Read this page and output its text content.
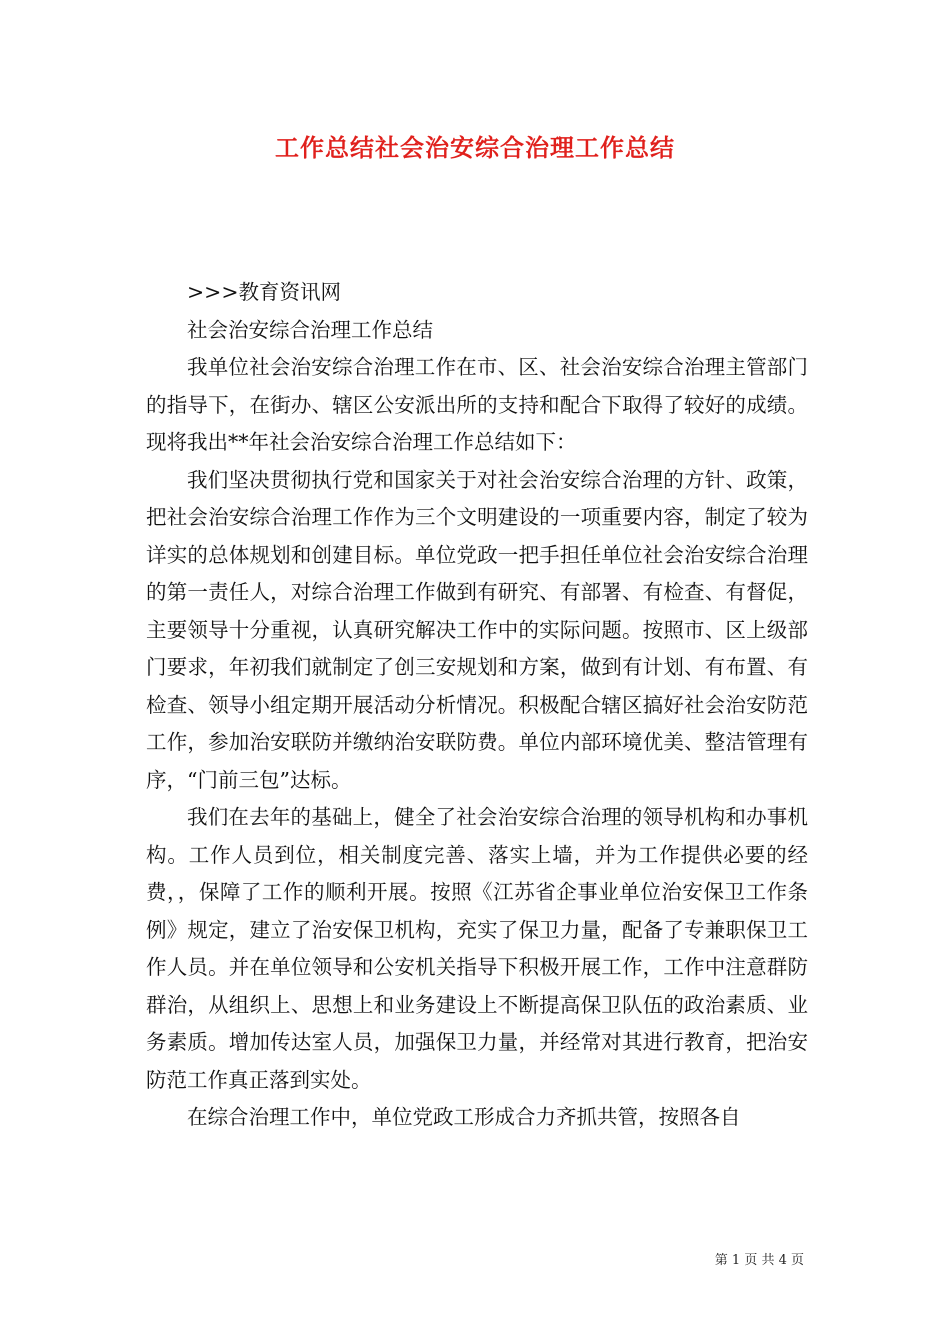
工作总结社会治安综合治理工作总结

>>>教育资讯网

社会治安综合治理工作总结

我单位社会治安综合治理工作在市、区、社会治安综合治理主管部门的指导下，在街办、辖区公安派出所的支持和配合下取得了较好的成绩。现将我出**年社会治安综合治理工作总结如下：

我们坚决贯彻执行党和国家关于对社会治安综合治理的方针、政策，把社会治安综合治理工作作为三个文明建设的一项重要内容，制定了较为详实的总体规划和创建目标。单位党政一把手担任单位社会治安综合治理的第一责任人，对综合治理工作做到有研究、有部署、有检查、有督促，主要领导十分重视，认真研究解决工作中的实际问题。按照市、区上级部门要求，年初我们就制定了创三安规划和方案，做到有计划、有布置、有检查、领导小组定期开展活动分析情况。积极配合辖区搞好社会治安防范工作，参加治安联防并缴纳治安联防费。单位内部环境优美、整洁管理有序，“门前三包”达标。

我们在去年的基础上，健全了社会治安综合治理的领导机构和办事机构。工作人员到位，相关制度完善、落实上墙，并为工作提供必要的经费，，保障了工作的顺利开展。按照《江苏省企事业单位治安保卫工作条例》规定，建立了治安保卫机构，充实了保卫力量，配备了专兼职保卫工作人员。并在单位领导和公安机关指导下积极开展工作，工作中注意群防群治，从组织上、思想上和业务建设上不断提高保卫队伍的政治素质、业务素质。增加传达室人员，加强保卫力量，并经常对其进行教育，把治安防范工作真正落到实处。

在综合治理工作中，单位党政工形成合力齐抓共管，按照各自

第 1 页 共 4 页
